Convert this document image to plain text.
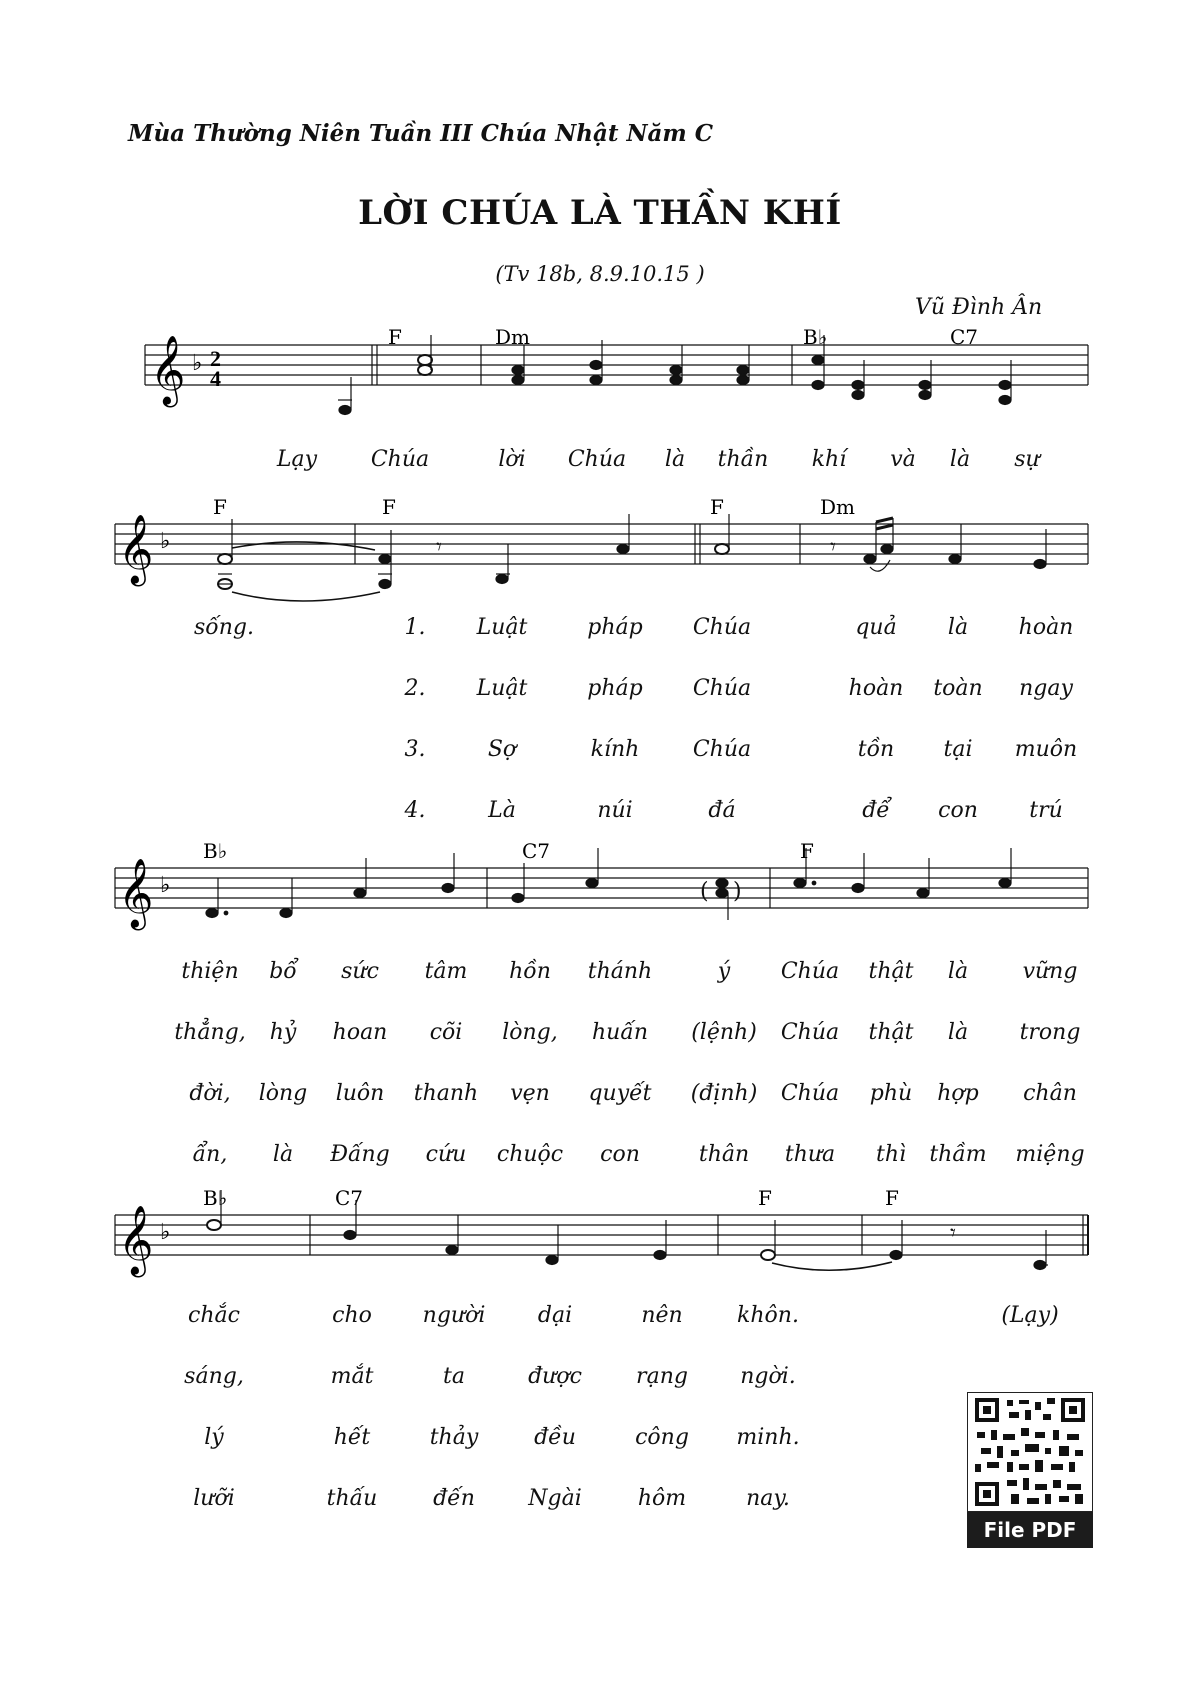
Mùa Thường Niên Tuần III Chúa Nhật Năm C
LỜI CHÚA LÀ THẦN KHÍ
(Tv 18b, 8.9.10.15 )
Vũ Đình Ân
𝄞 ♭ 2
4
F	Dm	B♭	C7
Lạy Chúa	lời Chúa là thần khí và là sự
𝄞 ♭
F	F	F	Dm
𝄾	𝄾
sống.	1. Luật	pháp Chúa	quả là hoàn
2. Luật	pháp Chúa	hoàn toàn ngay
3.	Sợ	kính Chúa	tồn tại muôn
4.	Là	núi	đá	để con trú
𝄞 ♭
B♭	C7	F
( )
thiện bổ sức tâm hồn thánh	ý Chúa thật là vững
thẳng, hỷ hoan cõi lòng, huấn (lệnh) Chúa thật là trong
đời, lòng luôn thanh vẹn quyết (định) Chúa phù hợp chân
ẩn, là Đấng cứu chuộc con	thân thưa thì thầm miệng
𝄞 ♭
B♭	C7	F	F
𝄾
chắc	cho người dại	nên khôn.	(Lạy)
sáng,	mắt	ta	được rạng ngời.
lý	hết	thảy	đều	công minh.
lưỡi	thấu	đến Ngài	hôm	nay.
File PDF
